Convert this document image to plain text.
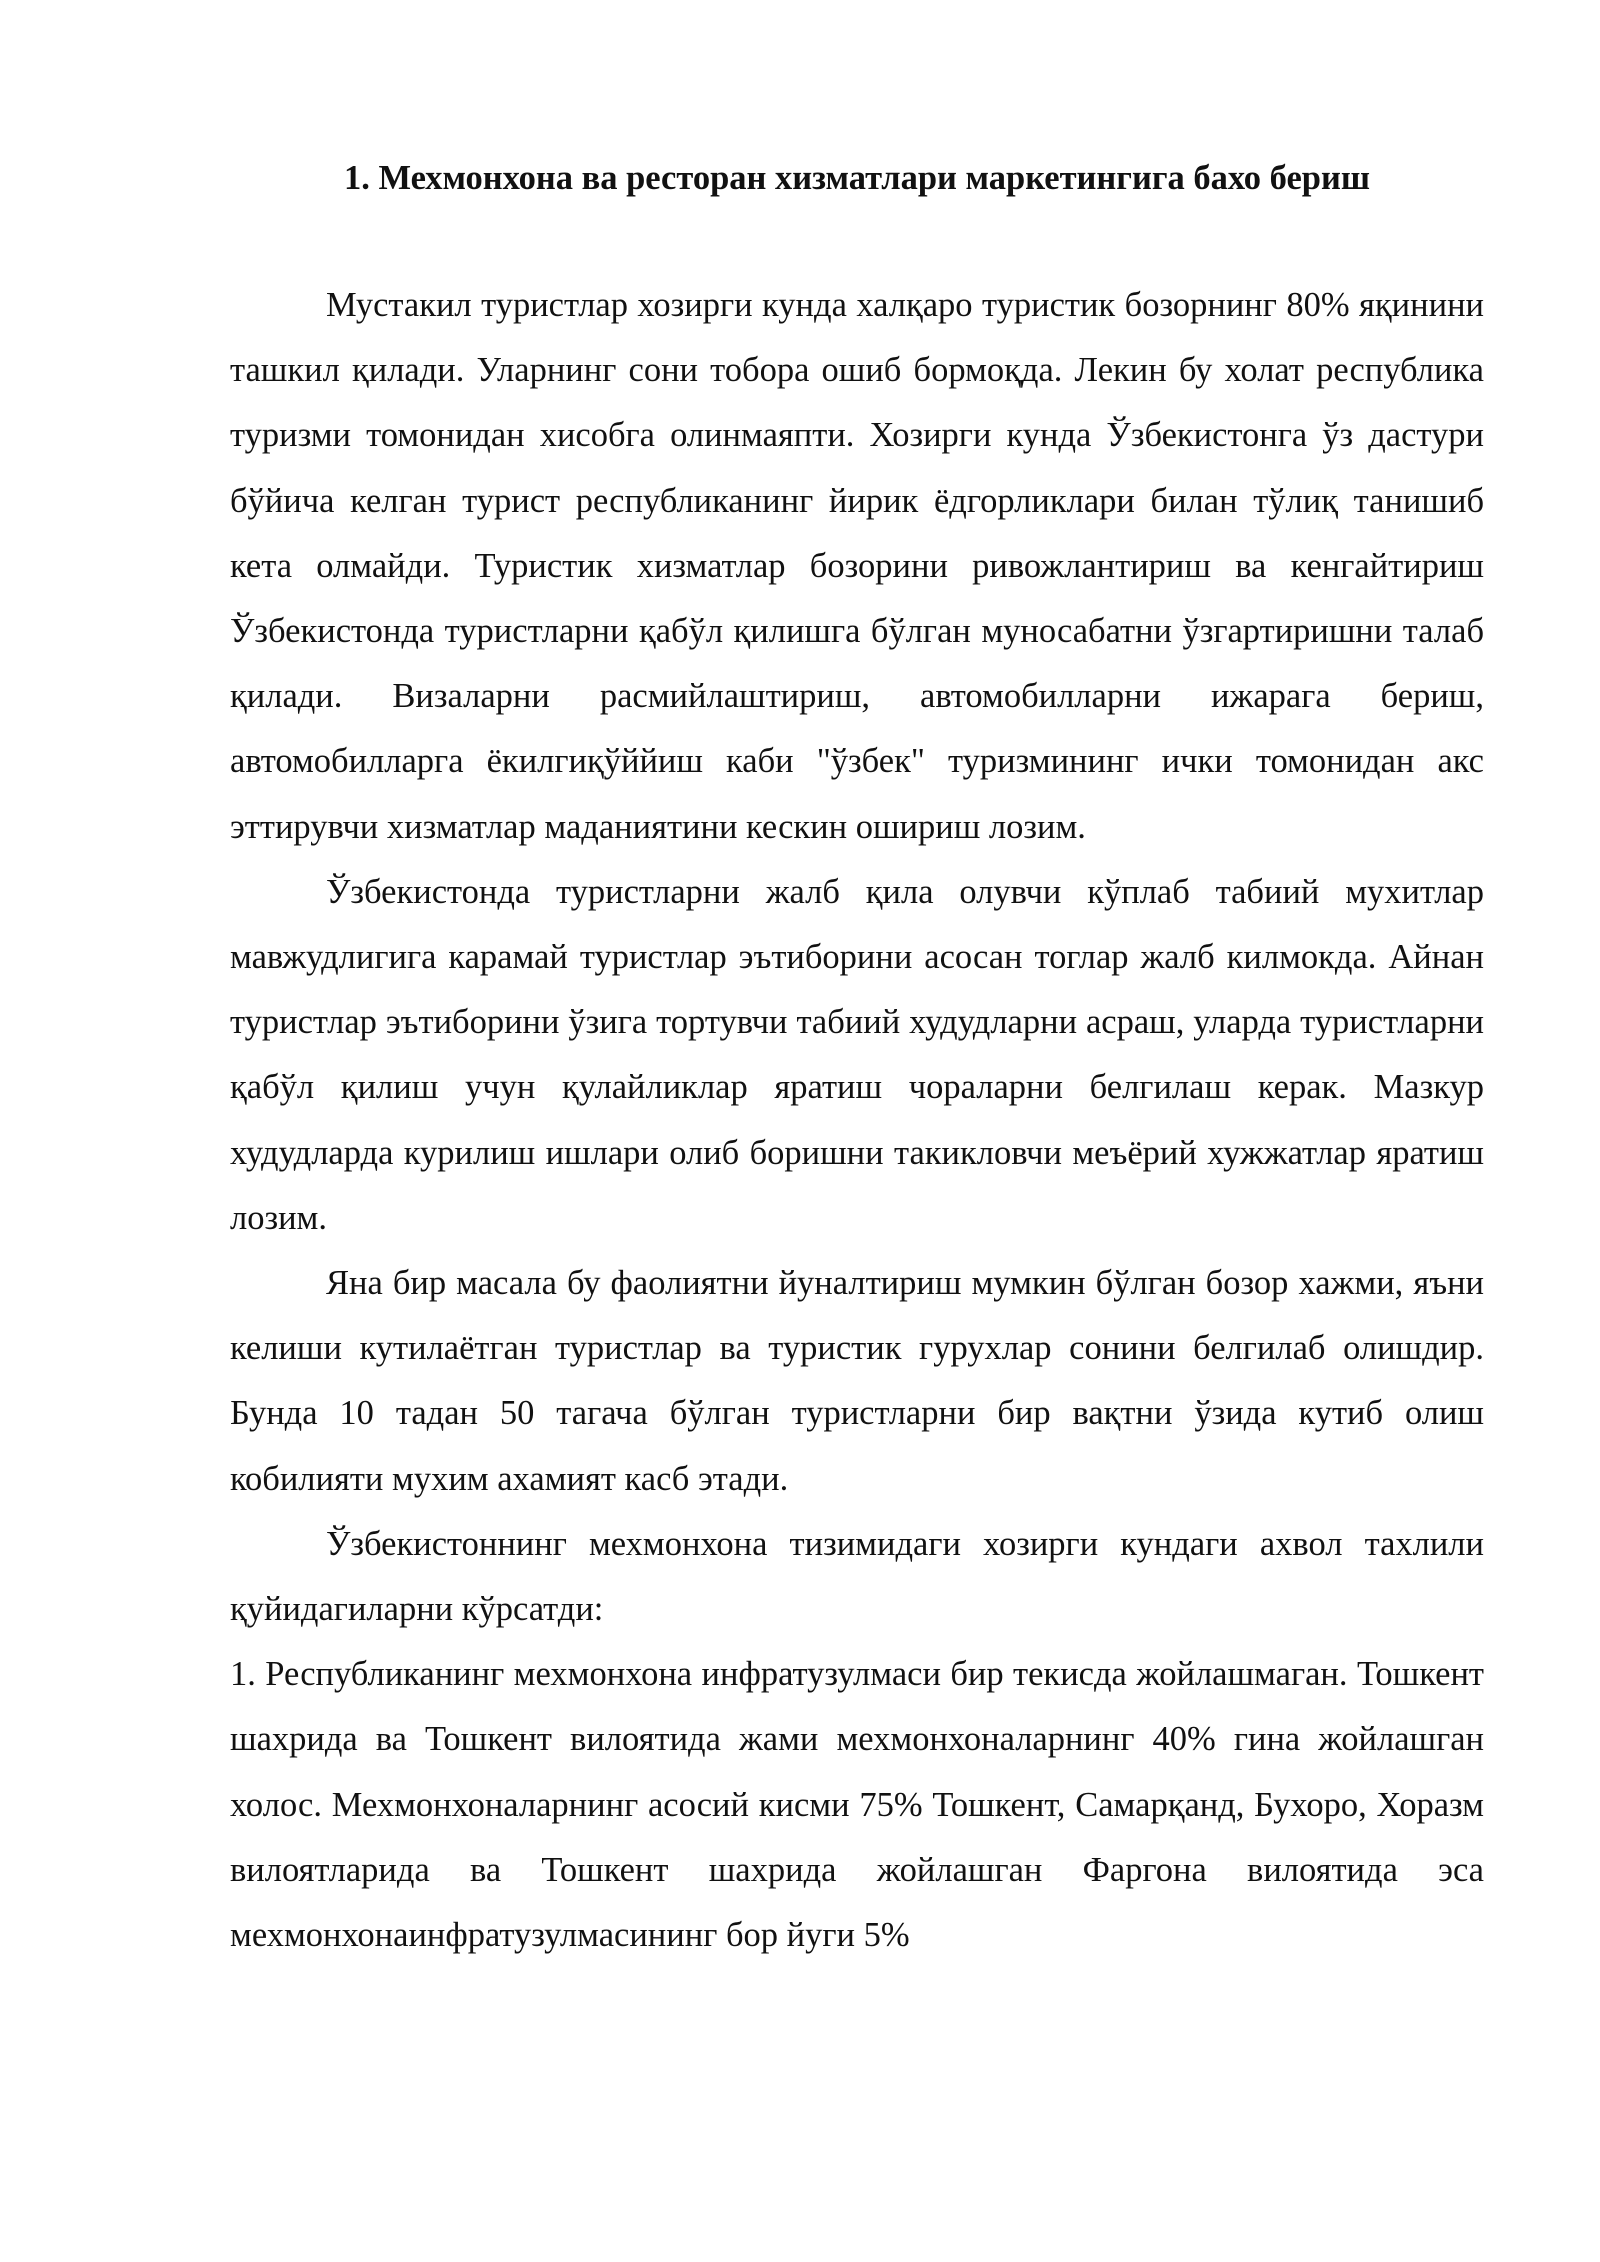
1. Мехмонхона ва ресторан хизматлари маркетингига бахо бериш

Мустакил туристлар хозирги кунда халқаро туристик бозорнинг 80% яқинини ташкил қилади. Уларнинг сони тобора ошиб бормоқда. Лекин бу холат республика туризми томонидан хисобга олинмаяпти. Хозирги кунда Ўзбекистонга ўз дастури бўйича келган турист республиканинг йирик ёдгорликлари билан тўлиқ танишиб кета олмайди. Туристик хизматлар бозорини ривожлантириш ва кенгайтириш Ўзбекистонда туристларни қабўл қилишга бўлган муносабатни ўзгартиришни талаб қилади. Визаларни расмийлаштириш, автомобилларни ижарага бериш, автомобилларга ёкилгиқўййиш каби "ўзбек" туризмининг ички томонидан акс эттирувчи хизматлар маданиятини кескин ошириш лозим.

Ўзбекистонда туристларни жалб қила олувчи кўплаб табиий мухитлар мавжудлигига карамай туристлар эътиборини асосан тоглар жалб килмокда. Айнан туристлар эътиборини ўзига тортувчи табиий худудларни асраш, уларда туристларни қабўл қилиш учун қулайликлар яратиш чораларни белгилаш керак. Мазкур худудларда курилиш ишлари олиб боришни такикловчи меъёрий хужжатлар яратиш лозим.

Яна бир масала бу фаолиятни йуналтириш мумкин бўлган бозор хажми, яъни келиши кутилаётган туристлар ва туристик гурухлар сонини белгилаб олишдир. Бунда 10 тадан 50 тагача бўлган туристларни бир вақтни ўзида кутиб олиш кобилияти мухим ахамият касб этади.

Ўзбекистоннинг мехмонхона тизимидаги хозирги кундаги ахвол тахлили қуйидагиларни кўрсатди:

1. Республиканинг мехмонхона инфратузулмаси бир текисда жойлашмаган. Тошкент шахрида ва Тошкент вилоятида жами мехмонхоналарнинг 40% гина жойлашган холос. Мехмонхоналарнинг асосий кисми 75% Тошкент, Самарқанд, Бухоро, Хоразм вилоятларида ва Тошкент шахрида жойлашган Фаргона вилоятида эса мехмонхонаинфратузулмасининг бор йуги 5%
